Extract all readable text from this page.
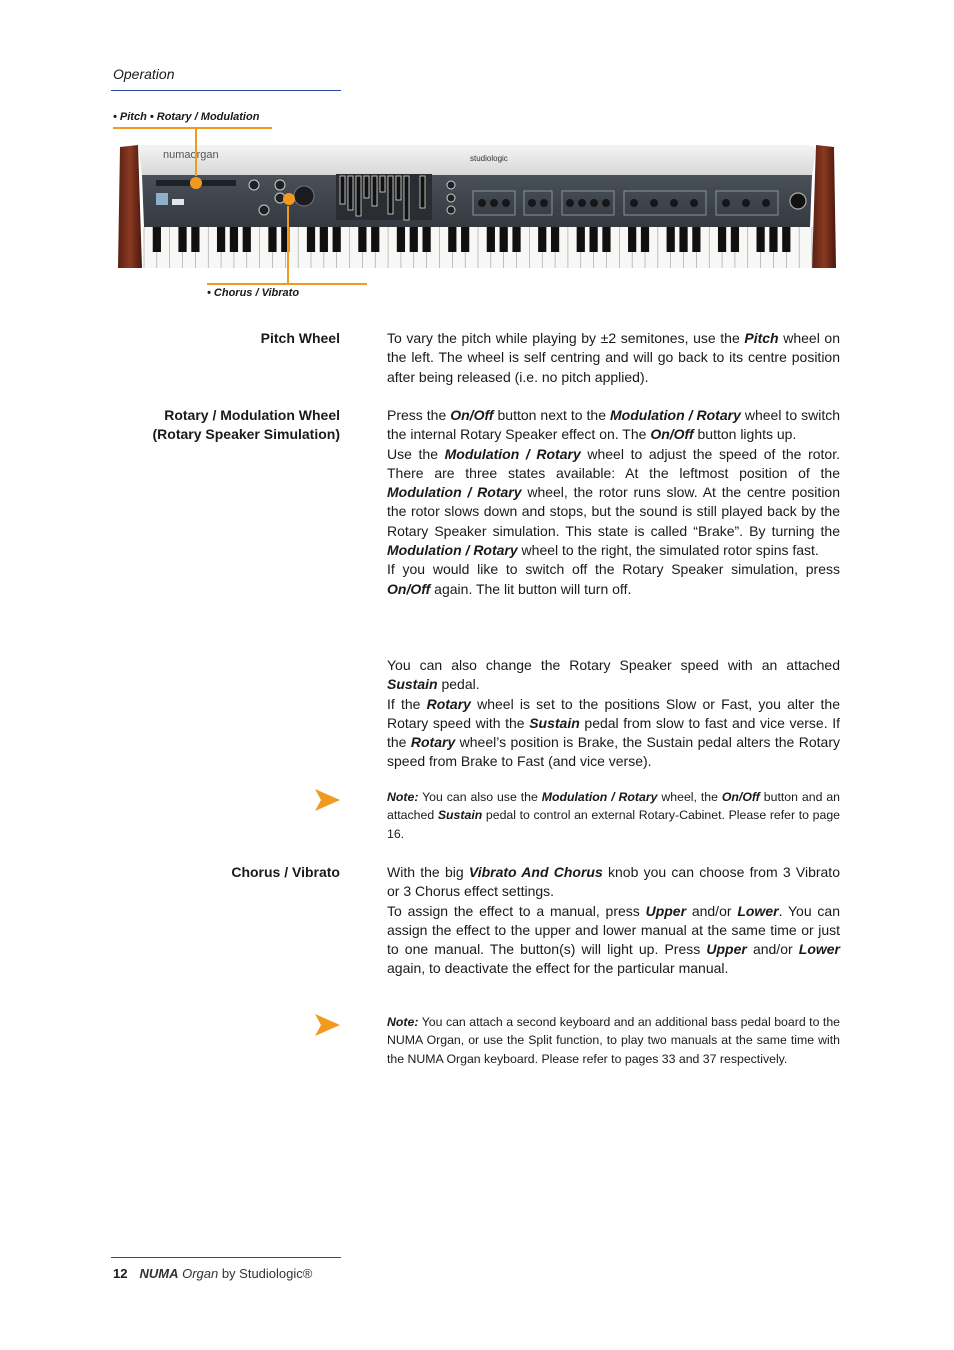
Operation
• Pitch • Rotary / Modulation
numaorgan	studiologic
• Chorus / Vibrato
Pitch Wheel	To vary the pitch while playing by ±2 semitones, use the Pitch wheel on the left. The wheel is self centring and will go back to its centre position after being released (i.e. no pitch applied).

Rotary / Modulation Wheel
(Rotary Speaker Simulation)

Press the On/Off button next to the Modulation / Rotary wheel to switch the internal Rotary Speaker effect on. The On/Off button lights up.

Use the Modulation / Rotary wheel to adjust the speed of the rotor. There are three states available: At the leftmost position of the Modulation / Rotary wheel, the rotor runs slow. At the centre position the rotor slows down and stops, but the sound is still played back by the Rotary Speaker simulation. This state is called “Brake”. By turning the Modulation / Rotary wheel to the right, the simulated rotor spins fast.

If you would like to switch off the Rotary Speaker simulation, press On/Off again. The lit button will turn off.

You can also change the Rotary Speaker speed with an attached Sustain pedal.

If the Rotary wheel is set to the positions Slow or Fast, you alter the Rotary speed with the Sustain pedal from slow to fast and vice verse. If the Rotary wheel’s position is Brake, the Sustain pedal alters the Rotary speed from Brake to Fast (and vice verse).

Note: You can also use the Modulation / Rotary wheel, the On/Off button and an attached Sustain pedal to control an external Rotary-Cabinet. Please refer to page 16.
Chorus / Vibrato	With the big Vibrato And Chorus knob you can choose from 3 Vibrato or 3 Chorus effect settings.

To assign the effect to a manual, press Upper and/or Lower. You can assign the effect to the upper and lower manual at the same time or just to one manual. The button(s) will light up. Press Upper and/or Lower again, to deactivate the effect for the particular manual.

Note: You can attach a second keyboard and an additional bass pedal board to the NUMA Organ, or use the Split function, to play two manuals at the same time with the NUMA Organ keyboard. Please refer to pages 33 and 37 respectively.
12 NUMA Organ by Studiologic®
